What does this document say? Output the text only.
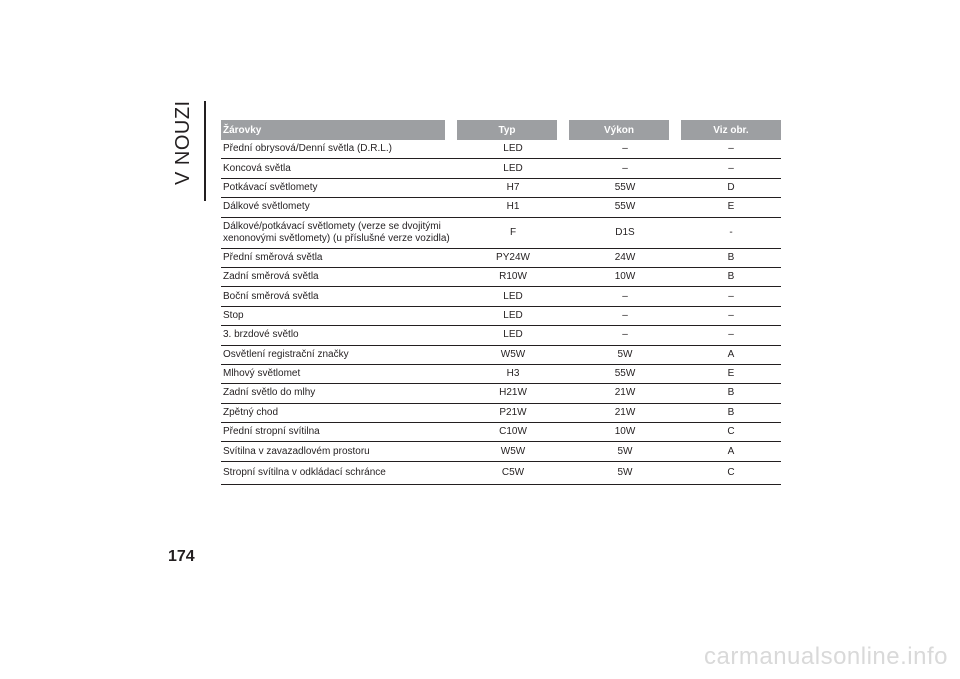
V NOUZI	Žárovky	Typ	Výkon	Viz obr.
Přední obrysová/Denní světla (D.R.L.)	LED	–	–
Koncová světla	LED	–	–
Potkávací světlomety	H7	55W	D
Dálkové světlomety	H1	55W	E

Dálkové/potkávací světlomety (verze se dvojitými
xenonovými světlomety) (u příslušné verze vozidla)	F	D1S	-
Přední směrová světla	PY24W	24W	B
Zadní směrová světla	R10W	10W	B
Boční směrová světla	LED	–	–
Stop	LED	–	–
3. brzdové světlo	LED	–	–
Osvětlení registrační značky	W5W	5W	A
Mlhový světlomet	H3	55W	E
Zadní světlo do mlhy	H21W	21W	B
Zpětný chod	P21W	21W	B
Přední stropní svítilna	C10W	10W	C
Svítilna v zavazadlovém prostoru	W5W	5W	A
Stropní svítilna v odkládací schránce	C5W	5W	C
174
carmanualsonline.info
